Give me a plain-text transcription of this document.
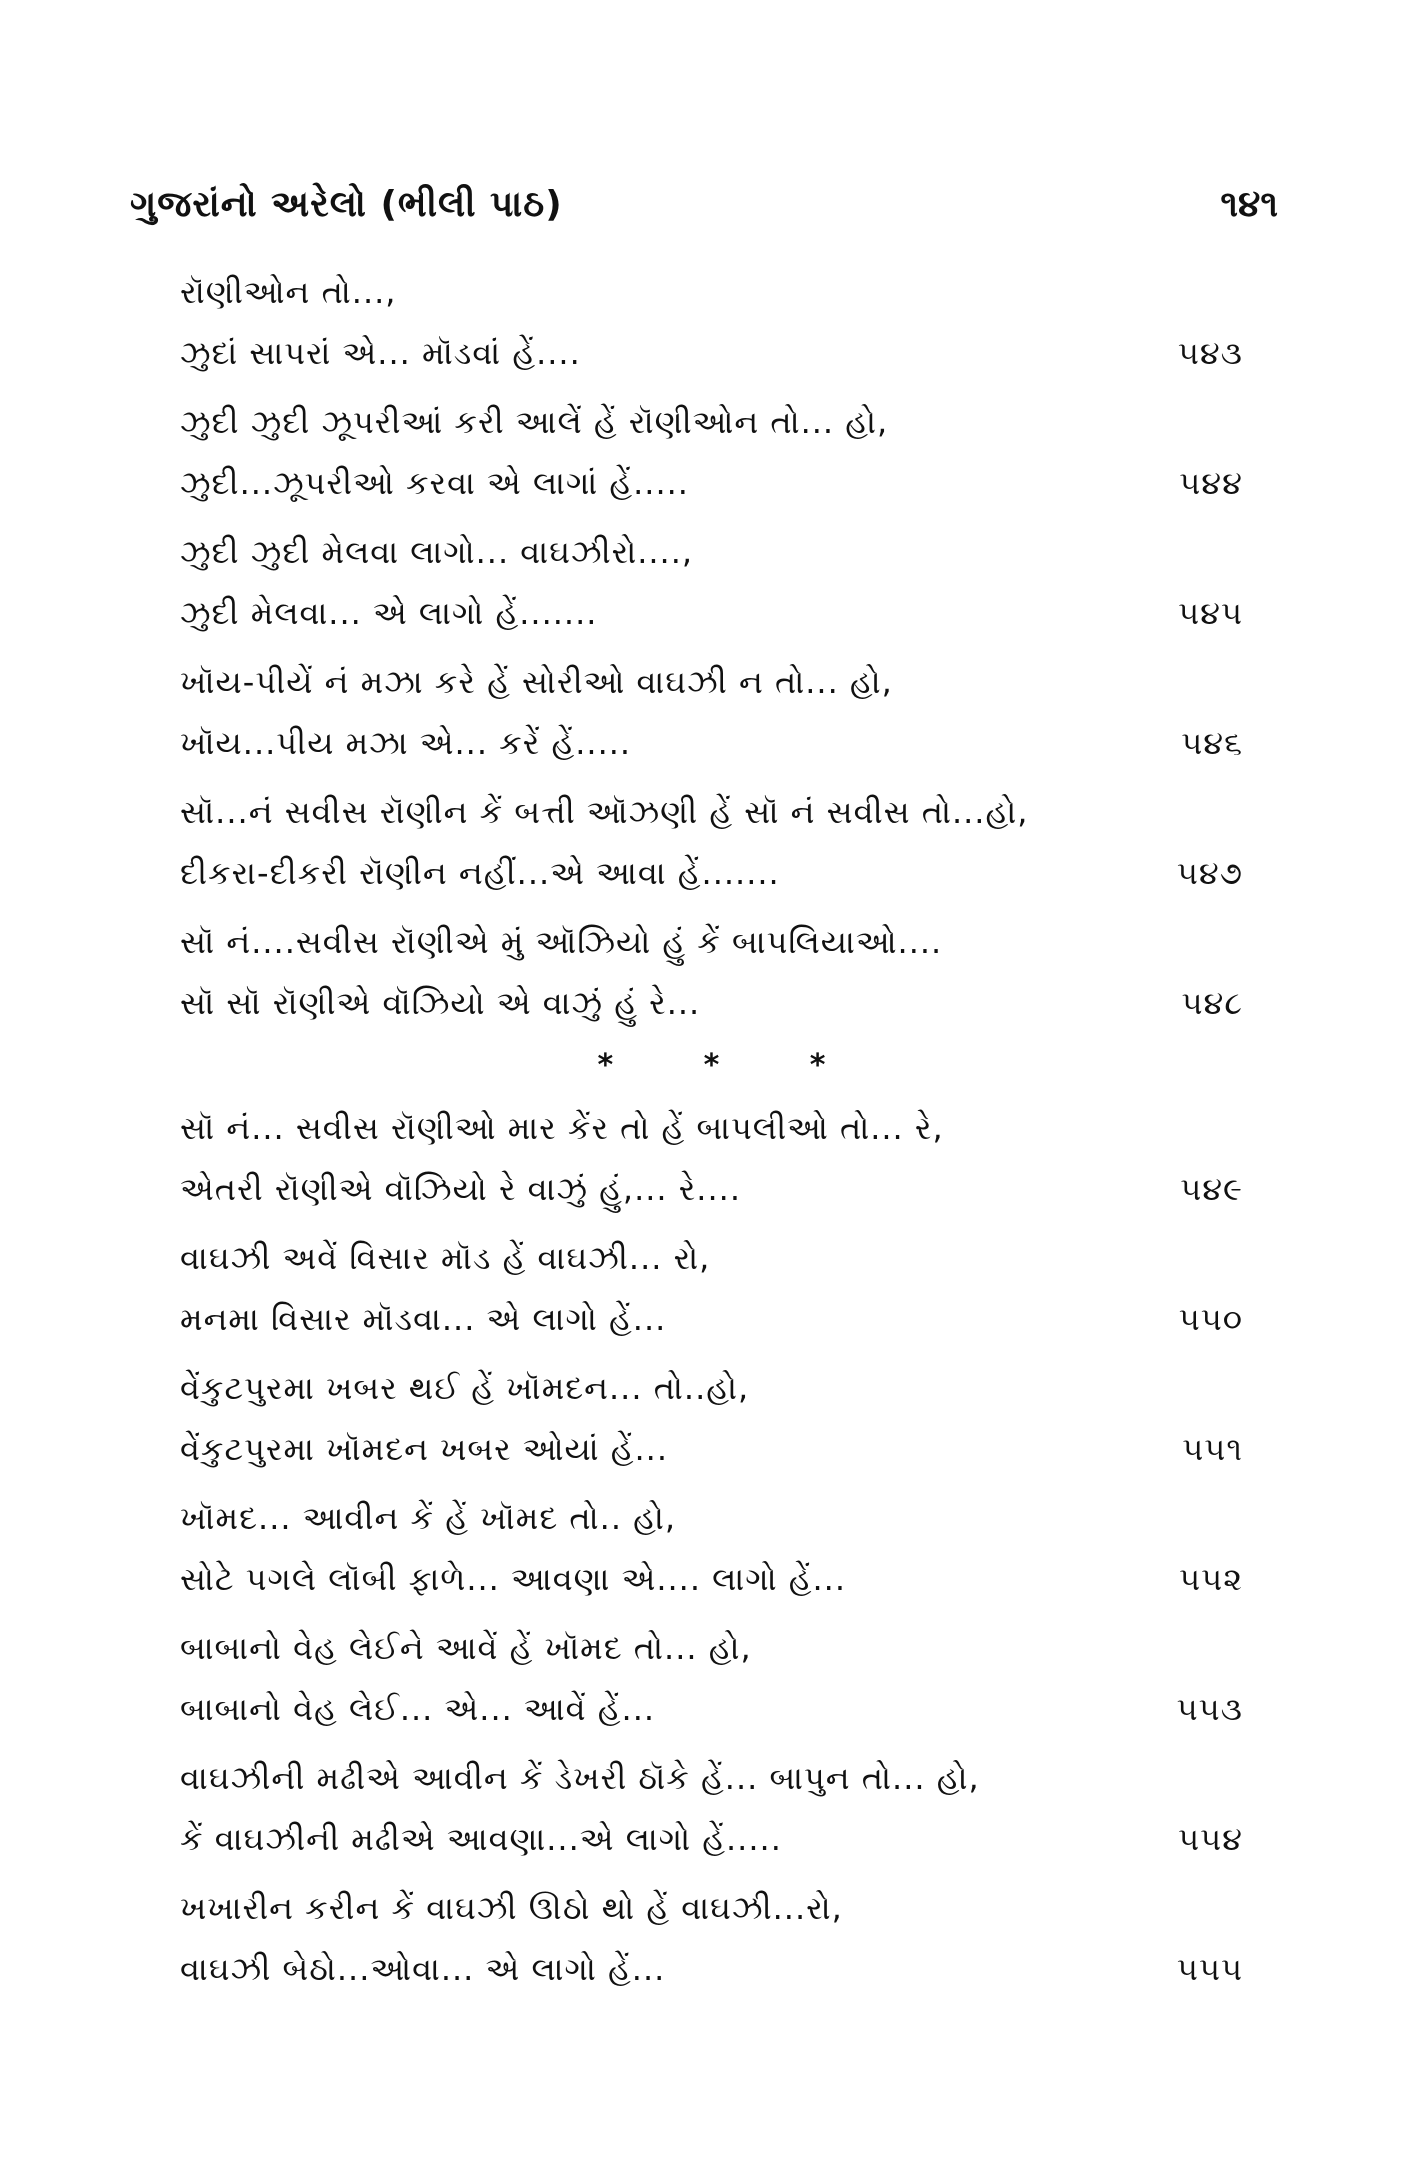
ગુજરાંનો અરેલો (ભીલી પાઠ)	૧૪૧
રૉણીઓન તો...,
ઝુદાં સાપરાં એ... મૉડવાં હેં....	૫૪૩
ઝુદી ઝુદી ઝૂપરીઆં કરી આલેં હેં રૉણીઓન તો... હો,
ઝુદી...ઝૂપરીઓ કરવા એ લાગાં હેં.....	૫૪૪
ઝુદી ઝુદી મેલવા લાગો... વાઘઝીરો....,
ઝુદી મેલવા... એ લાગો હેં.......	૫૪૫
ખૉય-પીયેં નં મઝા કરે હેં સોરીઓ વાઘઝી ન તો... હો,
ખૉય...પીય મઝા એ... કરેં હેં.....	૫૪૬
સૉ...નં સવીસ રૉણીન કેં બત્તી ઑઝણી હેં સૉ નં સવીસ તો...હો,
દીકરા-દીકરી રૉણીન નહીં...એ આવા હેં.......	૫૪૭
સૉ નં....સવીસ રૉણીએ મું ઑઝિયો હું કેં બાપલિયાઓ....
સૉ સૉ રૉણીએ વૉઝિયો એ વાઝું હું રે...	૫૪૮
* * *
સૉ નં... સવીસ રૉણીઓ માર કેંર તો હેં બાપલીઓ તો... રે,
એતરી રૉણીએ વૉઝિયો રે વાઝું હું,... રે....	૫૪૯
વાઘઝી અવેં વિસાર મૉડ હેં વાઘઝી... રો,
મનમા વિસાર મૉડવા... એ લાગો હેં...	૫૫૦
વેંકુટપુરમા ખબર થઈ હેં ખૉમદન... તો..હો,
વેંકુટપુરમા ખૉમદન ખબર ઓયાં હેં...	૫૫૧
ખૉમદ... આવીન કેં હેં ખૉમદ તો.. હો,
સોટે પગલે લૉબી ફાળે... આવણા એ.... લાગો હેં...	૫૫૨
બાબાનો વેહ લેઈને આવેં હેં ખૉમદ તો... હો,
બાબાનો વેહ લેઈ... એ... આવેં હેં...	૫૫૩
વાઘઝીની મઢીએ આવીન કેં ડેખરી ઠૉકે હેં... બાપુન તો... હો,
કેં વાઘઝીની મઢીએ આવણા...એ લાગો હેં.....	૫૫૪
ખખારીન કરીન કેં વાઘઝી ઊઠો થો હેં વાઘઝી...રો,
વાઘઝી બેઠો...ઓવા... એ લાગો હેં...	૫૫૫
